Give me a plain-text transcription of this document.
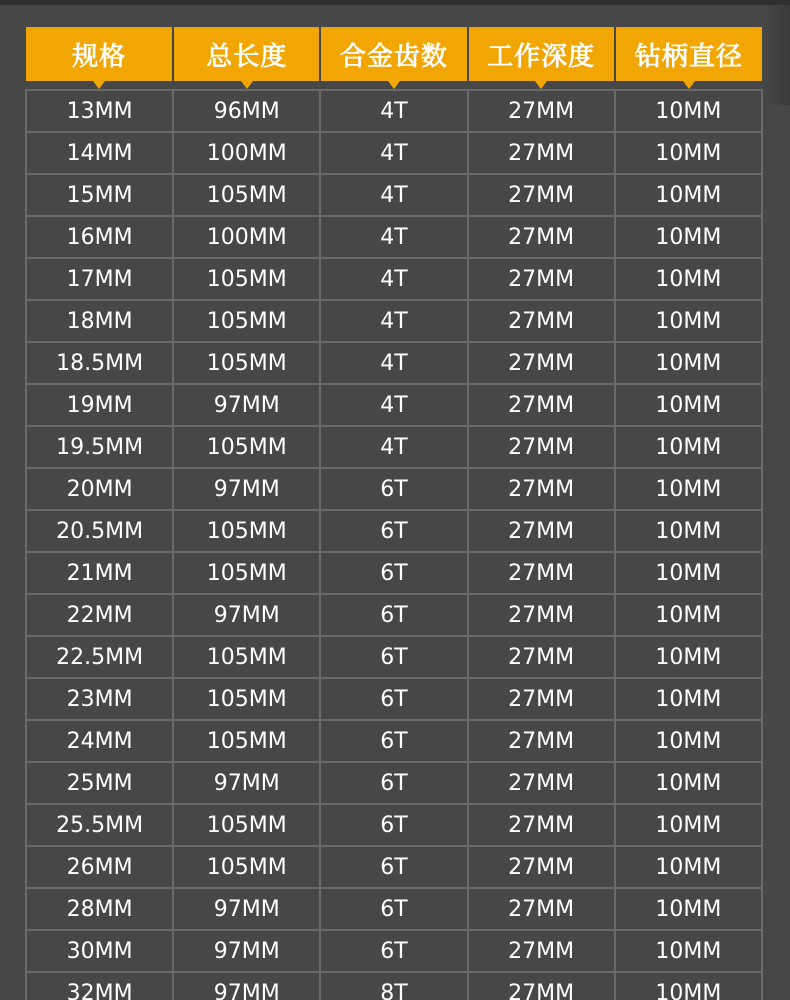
规格	总长度	合金齿数	工作深度	钻柄直径

13MM	96MM	4T	27MM	10MM
14MM	100MM	4T	27MM	10MM
15MM	105MM	4T	27MM	10MM
16MM	100MM	4T	27MM	10MM
17MM	105MM	4T	27MM	10MM
18MM	105MM	4T	27MM	10MM
18.5MM	105MM	4T	27MM	10MM
19MM	97MM	4T	27MM	10MM
19.5MM	105MM	4T	27MM	10MM
20MM	97MM	6T	27MM	10MM
20.5MM	105MM	6T	27MM	10MM
21MM	105MM	6T	27MM	10MM
22MM	97MM	6T	27MM	10MM
22.5MM	105MM	6T	27MM	10MM
23MM	105MM	6T	27MM	10MM
24MM	105MM	6T	27MM	10MM
25MM	97MM	6T	27MM	10MM
25.5MM	105MM	6T	27MM	10MM
26MM	105MM	6T	27MM	10MM
28MM	97MM	6T	27MM	10MM
30MM	97MM	6T	27MM	10MM
32MM	97MM	8T	27MM	10MM
